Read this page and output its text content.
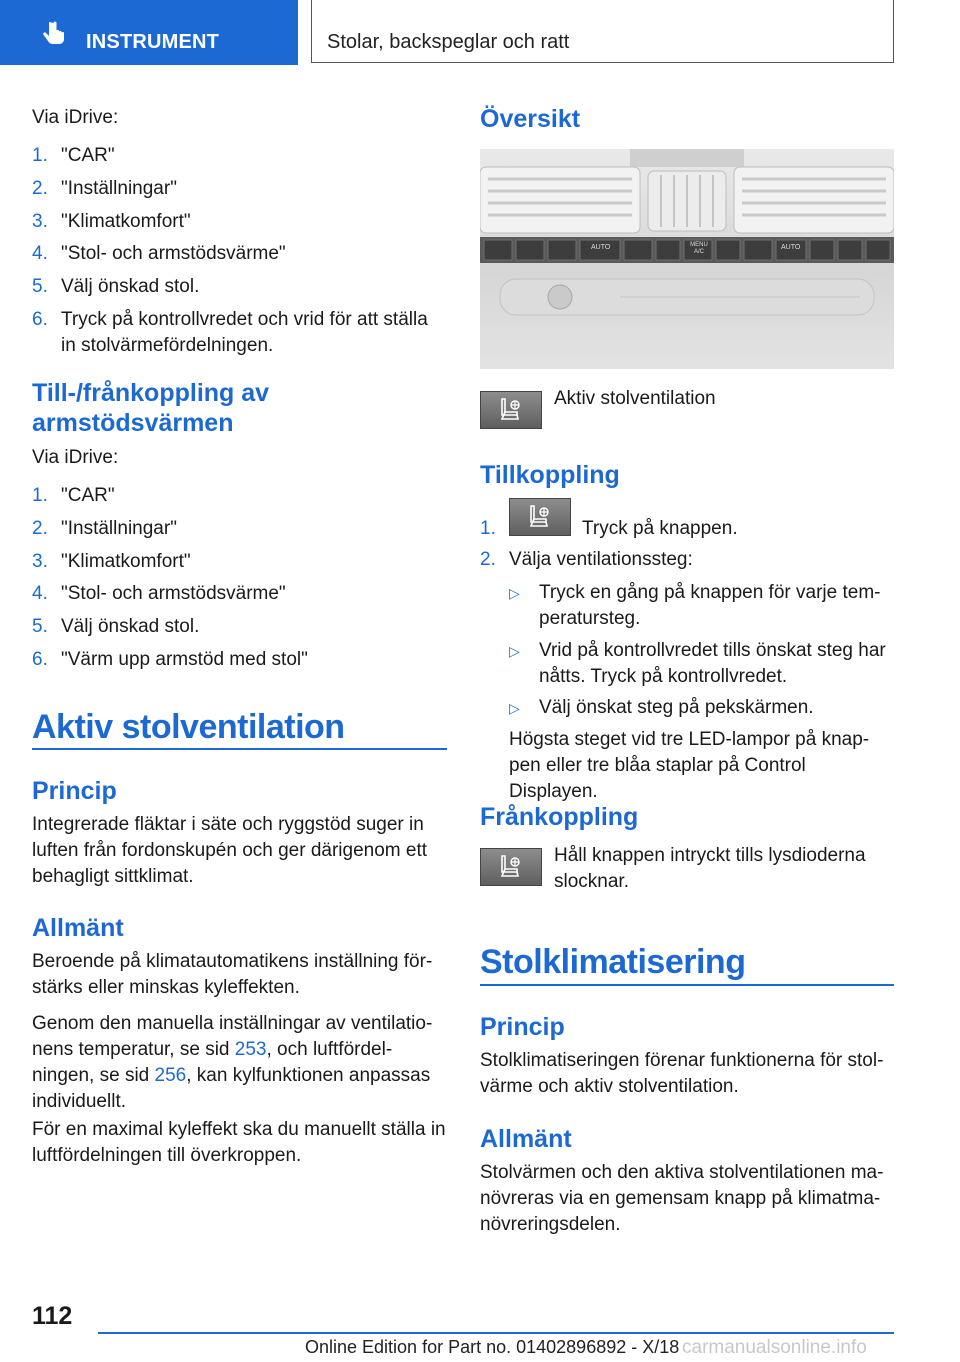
INSTRUMENT	Stolar, backspeglar och ratt

Via iDrive:

1. "CAR"
2. "Inställningar"
3. "Klimatkomfort"
4. "Stol- och armstödsvärme"
5. Välj önskad stol.
6. Tryck på kontrollvredet och vrid för att ställa in stolvärmefördelningen.

Till-/frånkoppling av

armstödsvärmen

Via iDrive:

1. "CAR"
2. "Inställningar"
3. "Klimatkomfort"
4. "Stol- och armstödsvärme"
5. Välj önskad stol.
6. "Värm upp armstöd med stol"

Aktiv stolventilation

Princip

Integrerade fläktar i säte och ryggstöd suger in luften från fordonskupén och ger därigenom ett behagligt sittklimat.

Allmänt

Beroende på klimatautomatikens inställning för-stärks eller minskas kyleffekten.

Genom den manuella inställningar av ventilatio-nens temperatur, se sid 253, och luftfördel-ningen, se sid 256, kan kylfunktionen anpassas individuellt.

För en maximal kyleffekt ska du manuellt ställa in luftfördelningen till överkroppen.

Översikt

AUTO	MENU A/C
AUTO

Aktiv stolventilation

Tillkoppling

1.	Tryck på knappen.
2. Välja ventilationssteg:
▷ Tryck en gång på knappen för varje tem-peratursteg.
▷ Vrid på kontrollvredet tills önskat steg har nåtts. Tryck på kontrollvredet.
▷ Välj önskat steg på pekskärmen.

Högsta steget vid tre LED-lampor på knap-pen eller tre blåa staplar på Control Displayen.

Frånkoppling

Håll knappen intryckt tills lysdioderna slocknar.

Stolklimatisering

Princip

Stolklimatiseringen förenar funktionerna för stol-värme och aktiv stolventilation.

Allmänt

Stolvärmen och den aktiva stolventilationen ma-növreras via en gemensam knapp på klimatma-növreringsdelen.

112
Online Edition for Part no. 01402896892 - X/18 carmanualsonline.info
